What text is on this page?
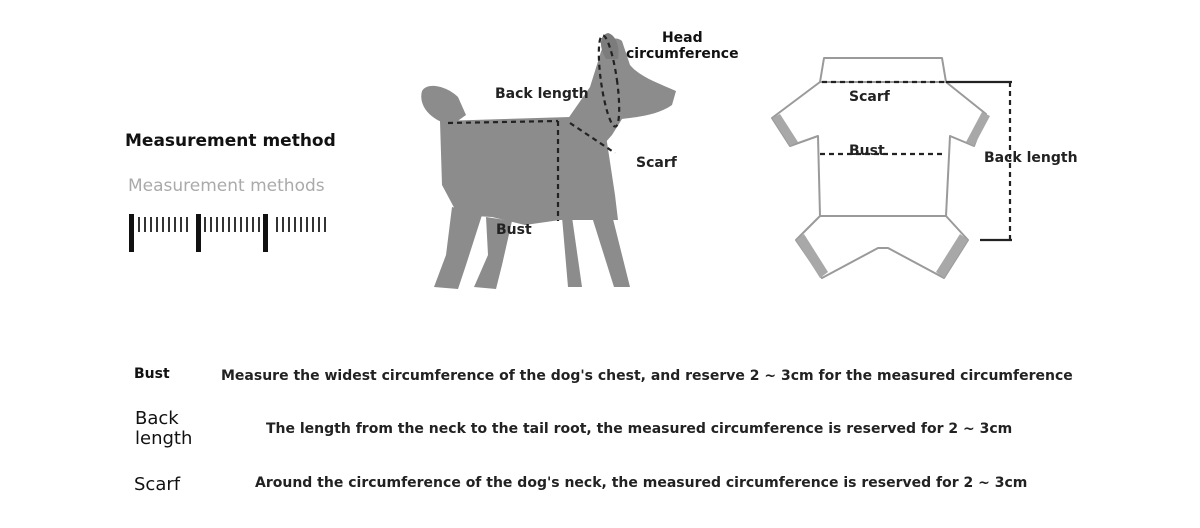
Measurement method
Measurement methods
Head
circumference
Back length
Scarf
Bust
Scarf
Bust	Back length
Bust	Measure the widest circumference of the dog's chest, and reserve 2 ~ 3cm for the measured circumference
Back
length	The length from the neck to the tail root, the measured circumference is reserved for 2 ~ 3cm
Scarf	Around the circumference of the dog's neck, the measured circumference is reserved for 2 ~ 3cm
